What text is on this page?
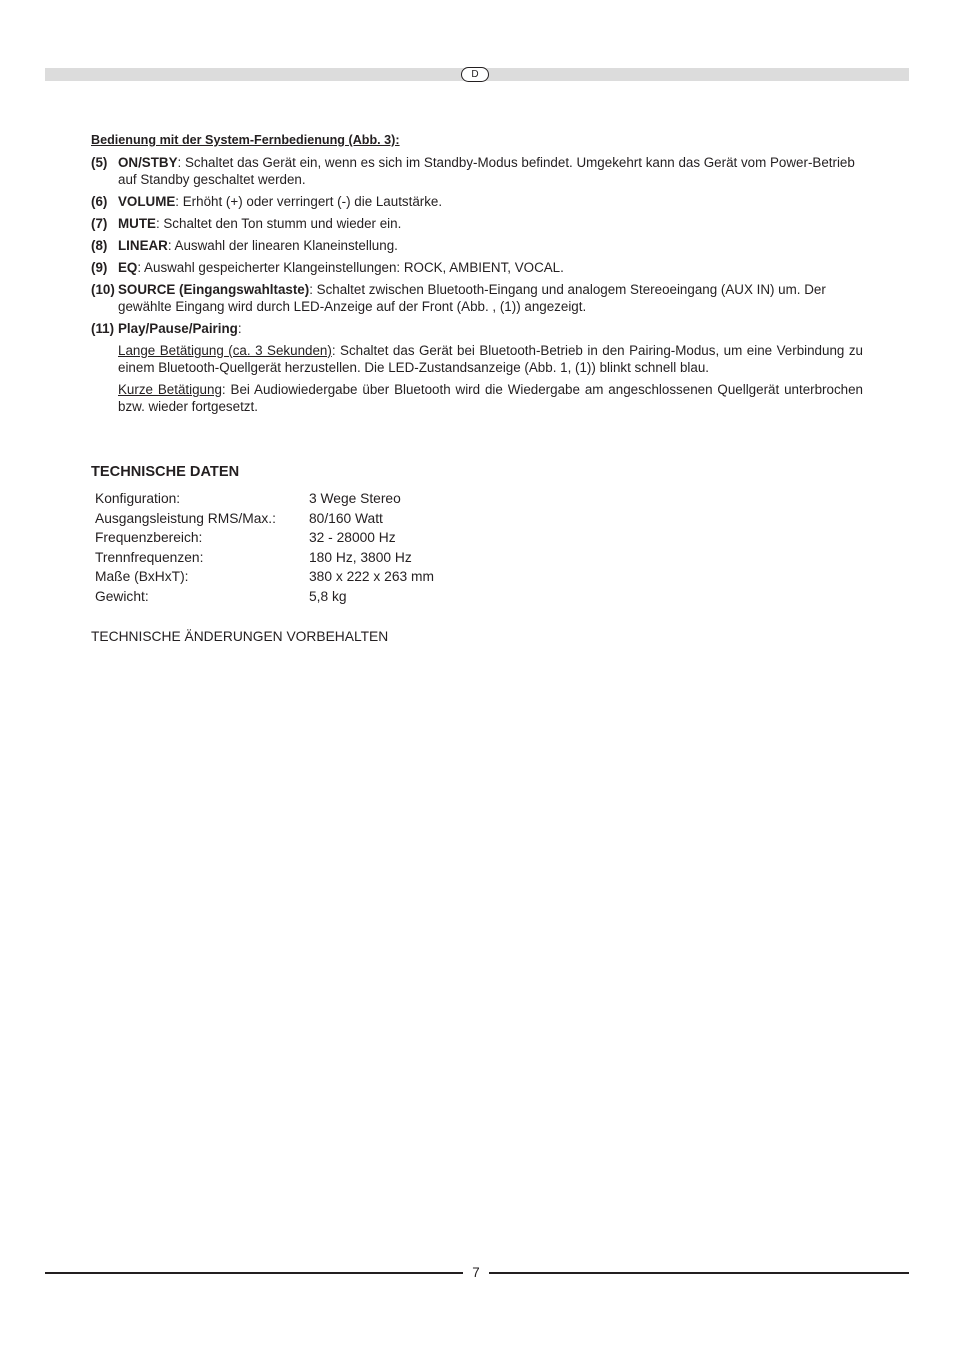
D
Bedienung mit der System-Fernbedienung (Abb. 3):
(5) ON/STBY: Schaltet das Gerät ein, wenn es sich im Standby-Modus befindet. Umgekehrt kann das Gerät vom Power-Betrieb auf Standby geschaltet werden.
(6) VOLUME: Erhöht (+) oder verringert (-) die Lautstärke.
(7) MUTE: Schaltet den Ton stumm und wieder ein.
(8) LINEAR: Auswahl der linearen Klaneinstellung.
(9) EQ: Auswahl gespeicherter Klangeinstellungen: ROCK, AMBIENT, VOCAL.
(10) SOURCE (Eingangswahltaste): Schaltet zwischen Bluetooth-Eingang und analogem Stereoeingang (AUX IN) um. Der gewählte Eingang wird durch LED-Anzeige auf der Front (Abb. , (1)) angezeigt.
(11) Play/Pause/Pairing:
Lange Betätigung (ca. 3 Sekunden): Schaltet das Gerät bei Bluetooth-Betrieb in den Pairing-Modus, um eine Verbindung zu einem Bluetooth-Quellgerät herzustellen. Die LED-Zustandsanzeige (Abb. 1, (1)) blinkt schnell blau.
Kurze Betätigung: Bei Audiowiedergabe über Bluetooth wird die Wiedergabe am angeschlossenen Quellgerät unterbrochen bzw. wieder fortgesetzt.
TECHNISCHE DATEN
Konfiguration:	3 Wege Stereo
Ausgangsleistung RMS/Max.:	80/160 Watt
Frequenzbereich:	32 - 28000 Hz
Trennfrequenzen:	180 Hz, 3800 Hz
Maße (BxHxT):	380 x 222 x 263 mm
Gewicht:	5,8 kg
TECHNISCHE ÄNDERUNGEN VORBEHALTEN
7
